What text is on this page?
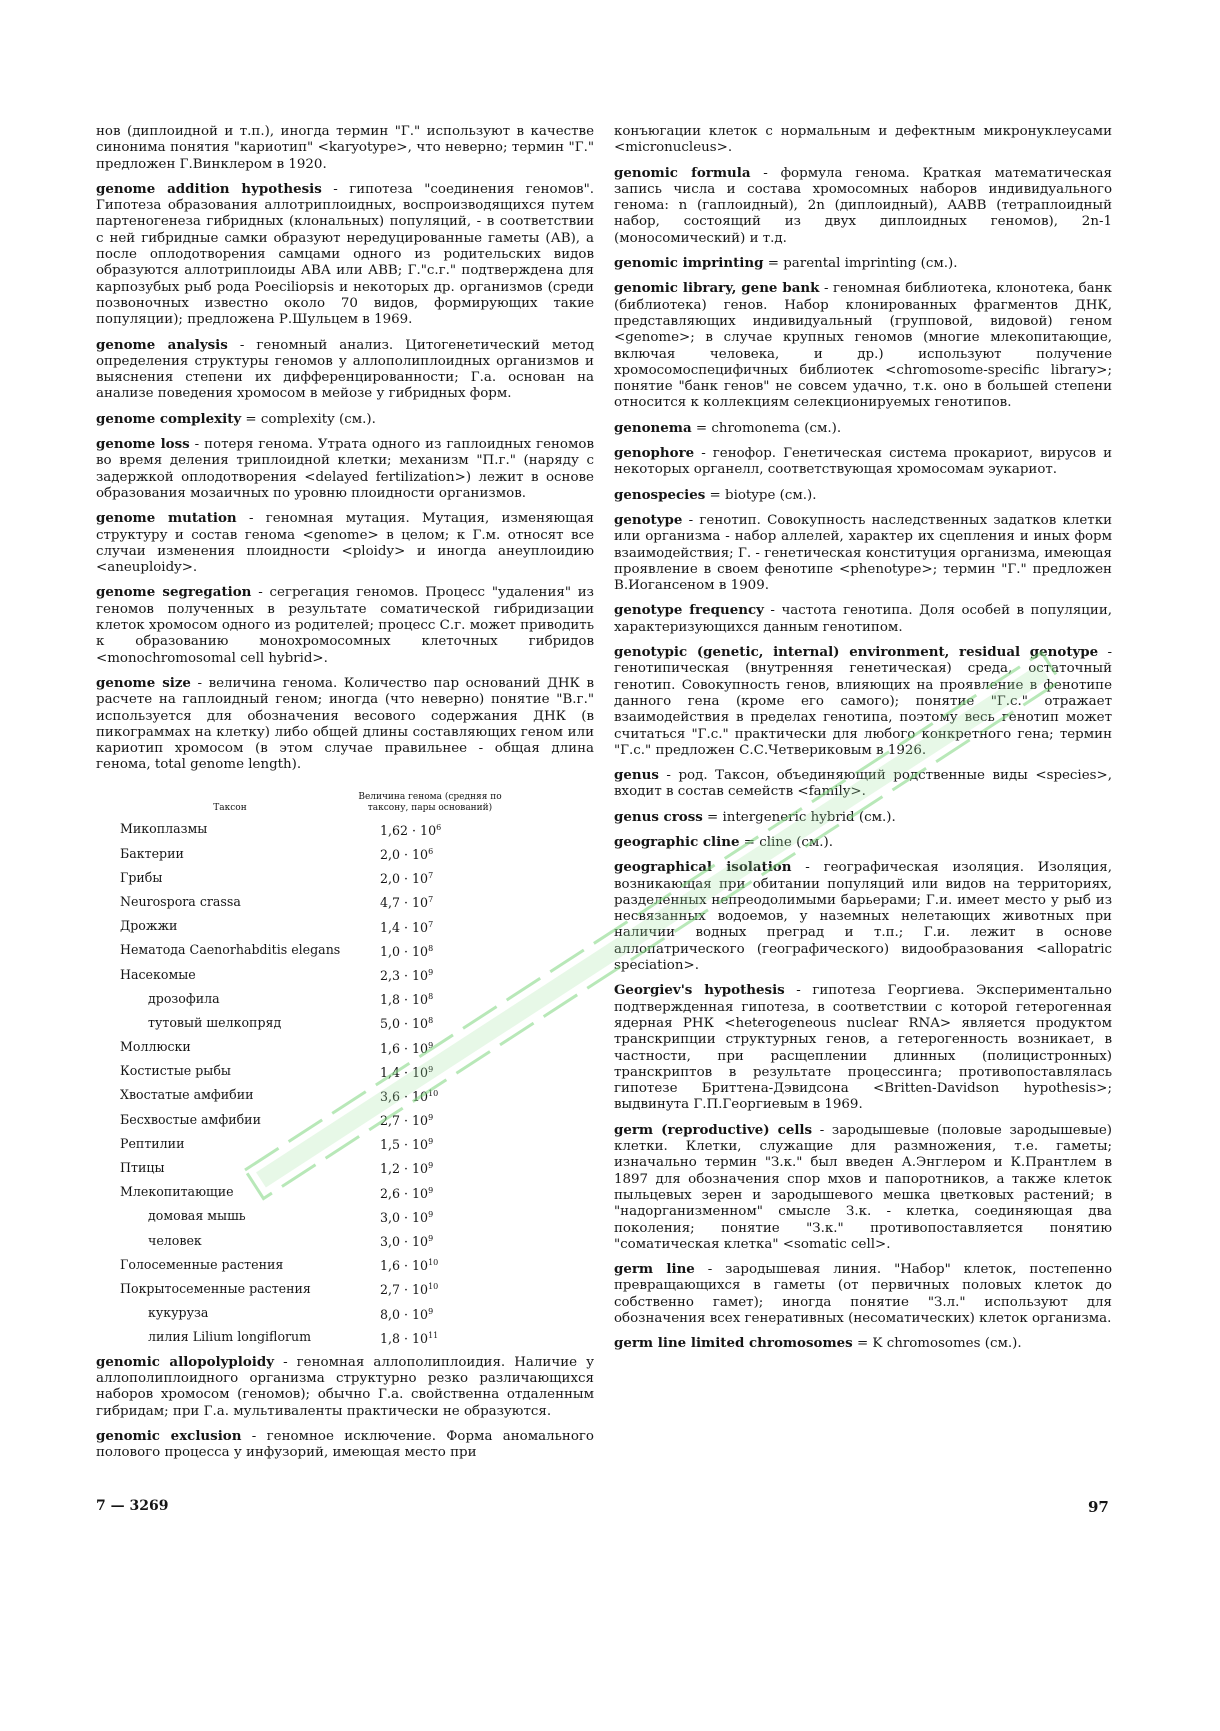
нов (диплоидной и т.п.), иногда термин "Г." используют в качестве синонима понятия "кариотип" <karyotype>, что неверно; термин "Г." предложен Г.Винклером в 1920.

genome addition hypothesis - гипотеза "соединения геномов". Гипотеза образования аллотриплоидных, воспроизводящихся путем партеногенеза гибридных (клональных) популяций, - в соответствии с ней гибридные самки образуют нередуцированные гаметы (АВ), а после оплодотворения самцами одного из родительских видов образуются аллотриплоиды АВА или АВВ; Г."с.г." подтверждена для карпозубых рыб рода Poeciliopsis и некоторых др. организмов (среди позвоночных известно около 70 видов, формирующих такие популяции); предложена Р.Шульцем в 1969.

genome analysis - геномный анализ. Цитогенетический метод определения структуры геномов у аллополиплоидных организмов и выяснения степени их дифференцированности; Г.а. основан на анализе поведения хромосом в мейозе у гибридных форм.

genome complexity = complexity (см.).

genome loss - потеря генома. Утрата одного из гаплоидных геномов во время деления триплоидной клетки; механизм "П.г." (наряду с задержкой оплодотворения <delayed fertilization>) лежит в основе образования мозаичных по уровню плоидности организмов.

genome mutation - геномная мутация. Мутация, изменяющая структуру и состав генома <genome> в целом; к Г.м. относят все случаи изменения плоидности <ploidy> и иногда анеуплоидию <aneuploidy>.

genome segregation - сегрегация геномов. Процесс "удаления" из геномов полученных в результате соматической гибридизации клеток хромосом одного из родителей; процесс С.г. может приводить к образованию монохромосомных клеточных гибридов <monochromosomal cell hybrid>.

genome size - величина генома. Количество пар оснований ДНК в расчете на гаплоидный геном; иногда (что неверно) понятие "В.г." используется для обозначения весового содержания ДНК (в пикограммах на клетку) либо общей длины составляющих геном или кариотип хромосом (в этом случае правильнее - общая длина генома, total genome length).

Таксон
Величина генома (средняя по таксону, пары оснований)
Микоплазмы	$1,62 \cdot 10^6$
Бактерии	$2,0 \cdot 10^6$
Грибы	$2,0 \cdot 10^7$
Neurospora crassa	$4,7 \cdot 10^7$
Дрожжи	$1,4 \cdot 10^7$
Нематода Caenorhabditis elegans	$1,0 \cdot 10^8$
Насекомые	$2,3 \cdot 10^9$
дрозофила	$1,8 \cdot 10^8$
тутовый шелкопряд	$5,0 \cdot 10^8$
Моллюски	$1,6 \cdot 10^9$
Костистые рыбы	$1,4 \cdot 10^9$
Хвостатые амфибии	$3,6 \cdot 10^{10}$
Бесхвостые амфибии	$2,7 \cdot 10^9$
Рептилии	$1,5 \cdot 10^9$
Птицы	$1,2 \cdot 10^9$
Млекопитающие	$2,6 \cdot 10^9$
домовая мышь	$3,0 \cdot 10^9$
человек	$3,0 \cdot 10^9$
Голосеменные растения	$1,6 \cdot 10^{10}$
Покрытосеменные растения	$2,7 \cdot 10^{10}$
кукуруза	$8,0 \cdot 10^9$
лилия Lilium longiflorum	$1,8 \cdot 10^{11}$

genomic allopolyploidy - геномная аллополиплоидия. Наличие у аллополиплоидного организма структурно резко различающихся наборов хромосом (геномов); обычно Г.а. свойственна отдаленным гибридам; при Г.а. мультиваленты практически не образуются.

genomic exclusion - геномное исключение. Форма аномального полового процесса у инфузорий, имеющая место при

конъюгации клеток с нормальным и дефектным микронуклеусами <micronucleus>.

genomic formula - формула генома. Краткая математическая запись числа и состава хромосомных наборов индивидуального генома: n (гаплоидный), 2n (диплоидный), AABB (тетраплоидный набор, состоящий из двух диплоидных геномов), 2n-1 (моносомический) и т.д.

genomic imprinting = parental imprinting (см.).

genomic library, gene bank - геномная библиотека, клонотека, банк (библиотека) генов. Набор клонированных фрагментов ДНК, представляющих индивидуальный (групповой, видовой) геном <genome>; в случае крупных геномов (многие млекопитающие, включая человека, и др.) используют получение хромосомоспецифичных библиотек <chromosome-specific library>; понятие "банк генов" не совсем удачно, т.к. оно в большей степени относится к коллекциям селекционируемых генотипов.

genonema = chromonema (см.).

genophore - генофор. Генетическая система прокариот, вирусов и некоторых органелл, соответствующая хромосомам эукариот.

genospecies = biotype (см.).

genotype - генотип. Совокупность наследственных задатков клетки или организма - набор аллелей, характер их сцепления и иных форм взаимодействия; Г. - генетическая конституция организма, имеющая проявление в своем фенотипе <phenotype>; термин "Г." предложен В.Иогансеном в 1909.

genotype frequency - частота генотипа. Доля особей в популяции, характеризующихся данным генотипом.

genotypic (genetic, internal) environment, residual genotype - генотипическая (внутренняя генетическая) среда, остаточный генотип. Совокупность генов, влияющих на проявление в фенотипе данного гена (кроме его самого); понятие "Г.с." отражает взаимодействия в пределах генотипа, поэтому весь генотип может считаться "Г.с." практически для любого конкретного гена; термин "Г.с." предложен С.С.Четвериковым в 1926.

genus - род. Таксон, объединяющий родственные виды <species>, входит в состав семейств <family>.

genus cross = intergeneric hybrid (см.).

geographic cline = cline (см.).

geographical isolation - географическая изоляция. Изоляция, возникающая при обитании популяций или видов на территориях, разделенных непреодолимыми барьерами; Г.и. имеет место у рыб из несвязанных водоемов, у наземных нелетающих животных при наличии водных преград и т.п.; Г.и. лежит в основе аллопатрического (географического) видообразования <allopatric speciation>.

Georgiev's hypothesis - гипотеза Георгиева. Экспериментально подтвержденная гипотеза, в соответствии с которой гетерогенная ядерная РНК <heterogeneous nuclear RNA> является продуктом транскрипции структурных генов, а гетерогенность возникает, в частности, при расщеплении длинных (полицистронных) транскриптов в результате процессинга; противопоставлялась гипотезе Бриттена-Дэвидсона <Britten-Davidson hypothesis>; выдвинута Г.П.Георгиевым в 1969.

germ (reproductive) cells - зародышевые (половые зародышевые) клетки. Клетки, служащие для размножения, т.е. гаметы; изначально термин "З.к." был введен А.Энглером и К.Прантлем в 1897 для обозначения спор мхов и папоротников, а также клеток пыльцевых зерен и зародышевого мешка цветковых растений; в "надорганизменном" смысле З.к. - клетка, соединяющая два поколения; понятие "З.к." противопоставляется понятию "соматическая клетка" <somatic cell>.

germ line - зародышевая линия. "Набор" клеток, постепенно превращающихся в гаметы (от первичных половых клеток до собственно гамет); иногда понятие "З.л." используют для обозначения всех генеративных (несоматических) клеток организма.

germ line limited chromosomes = K chromosomes (см.).

7 — 3269	97
